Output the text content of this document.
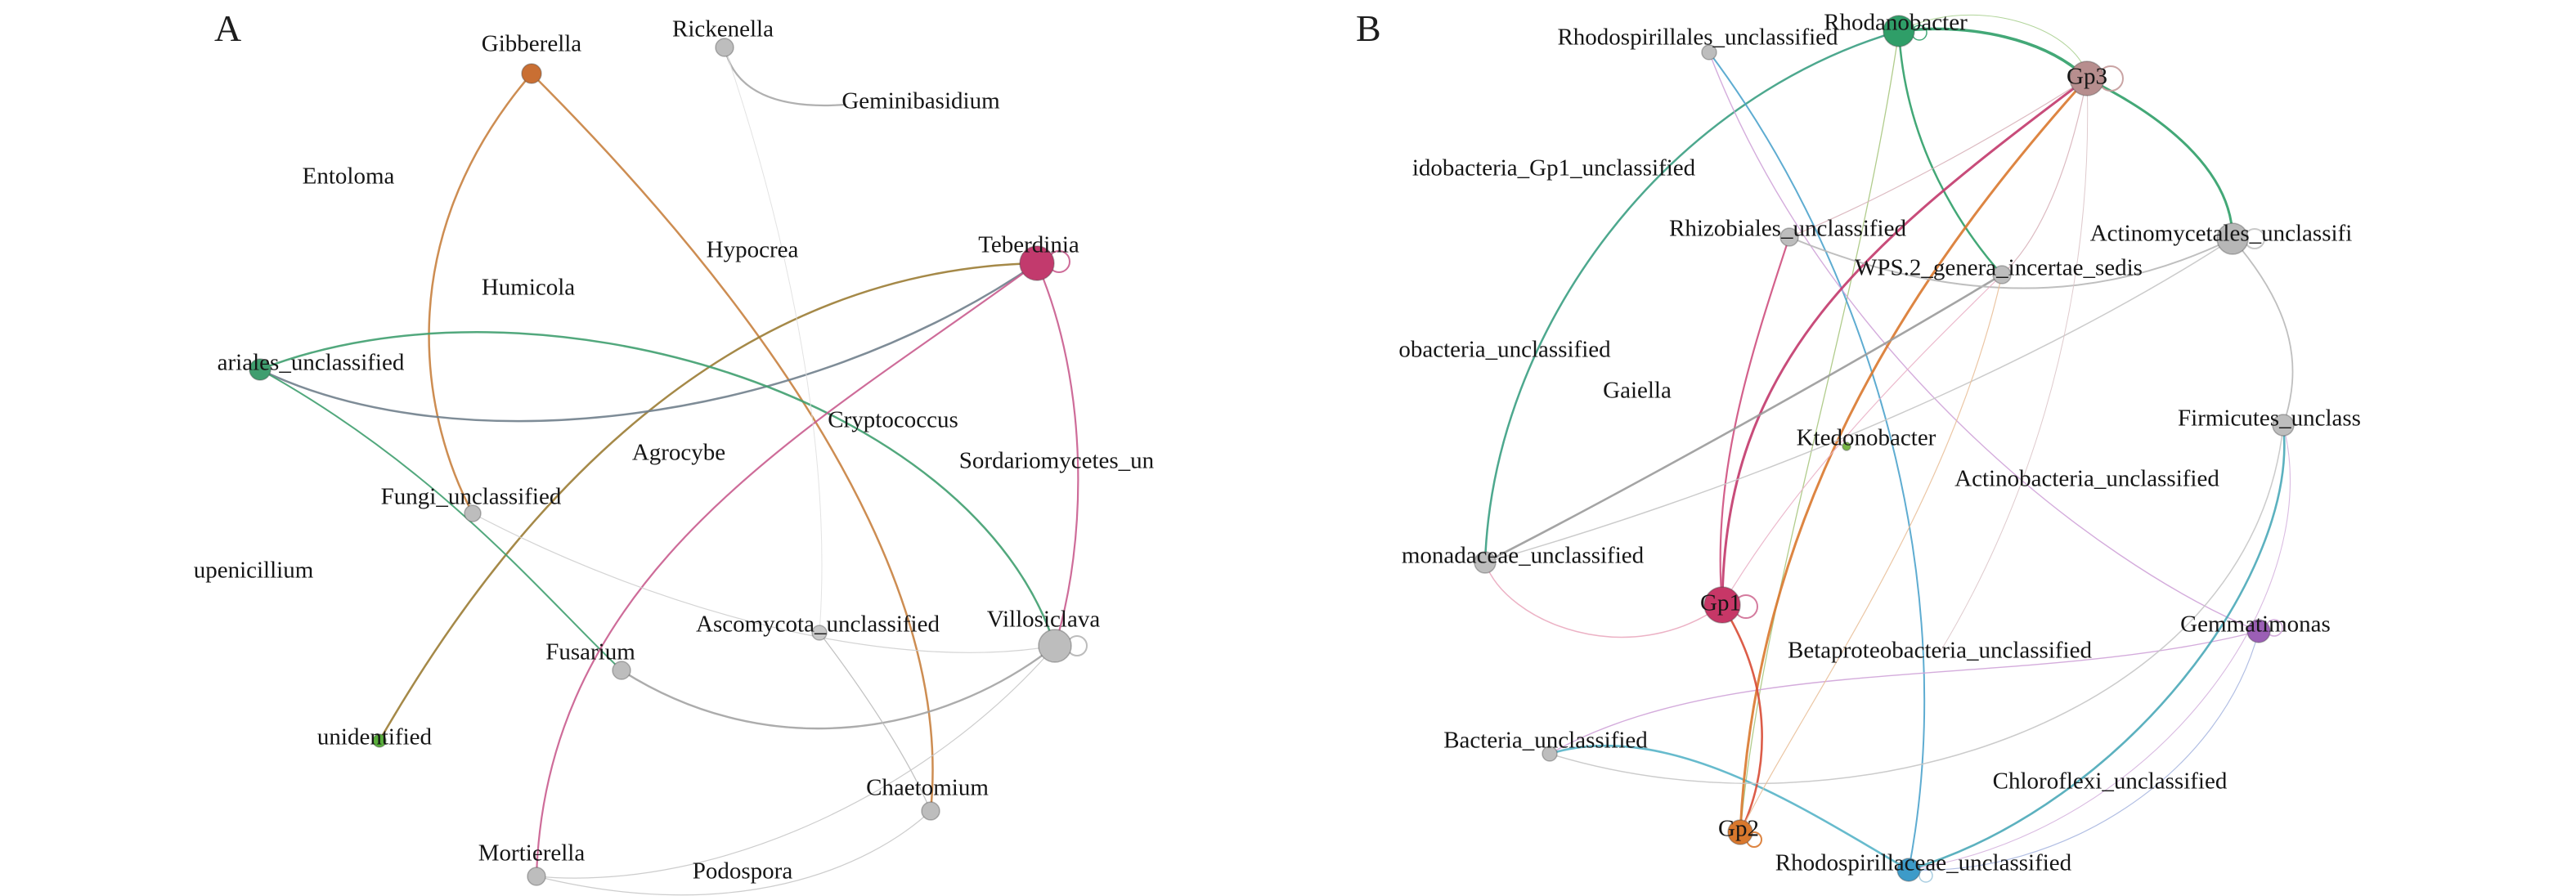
A	B
Gibberella
Rickenella
Geminibasidium
Entoloma
Hypocrea	Teberdinia
Humicola
ariales_unclassified
Agrocybe
Cryptococcus
Sordariomycetes_un
Fungi_unclassified
upenicillium
Ascomycota_unclassified Villosiclava
Fusarium
unidentified
Chaetomium
Mortierella
Podospora
Rhodospirillales_unclassified
Rhodanobacter
Gp3
idobacteria_Gp1_unclassified
Rhizobiales_unclassified
WPS.2_genera_incertae_sedis
Actinomycetales_unclassifi
obacteria_unclassified
Gaiella
Ktedonobacter
Firmicutes_unclass
Actinobacteria_unclassified
monadaceae_unclassified
Gp1
Betaproteobacteria_unclassified
Gemmatimonas
Bacteria_unclassified
Chloroflexi_unclassified
Gp2
Rhodospirillaceae_unclassified
